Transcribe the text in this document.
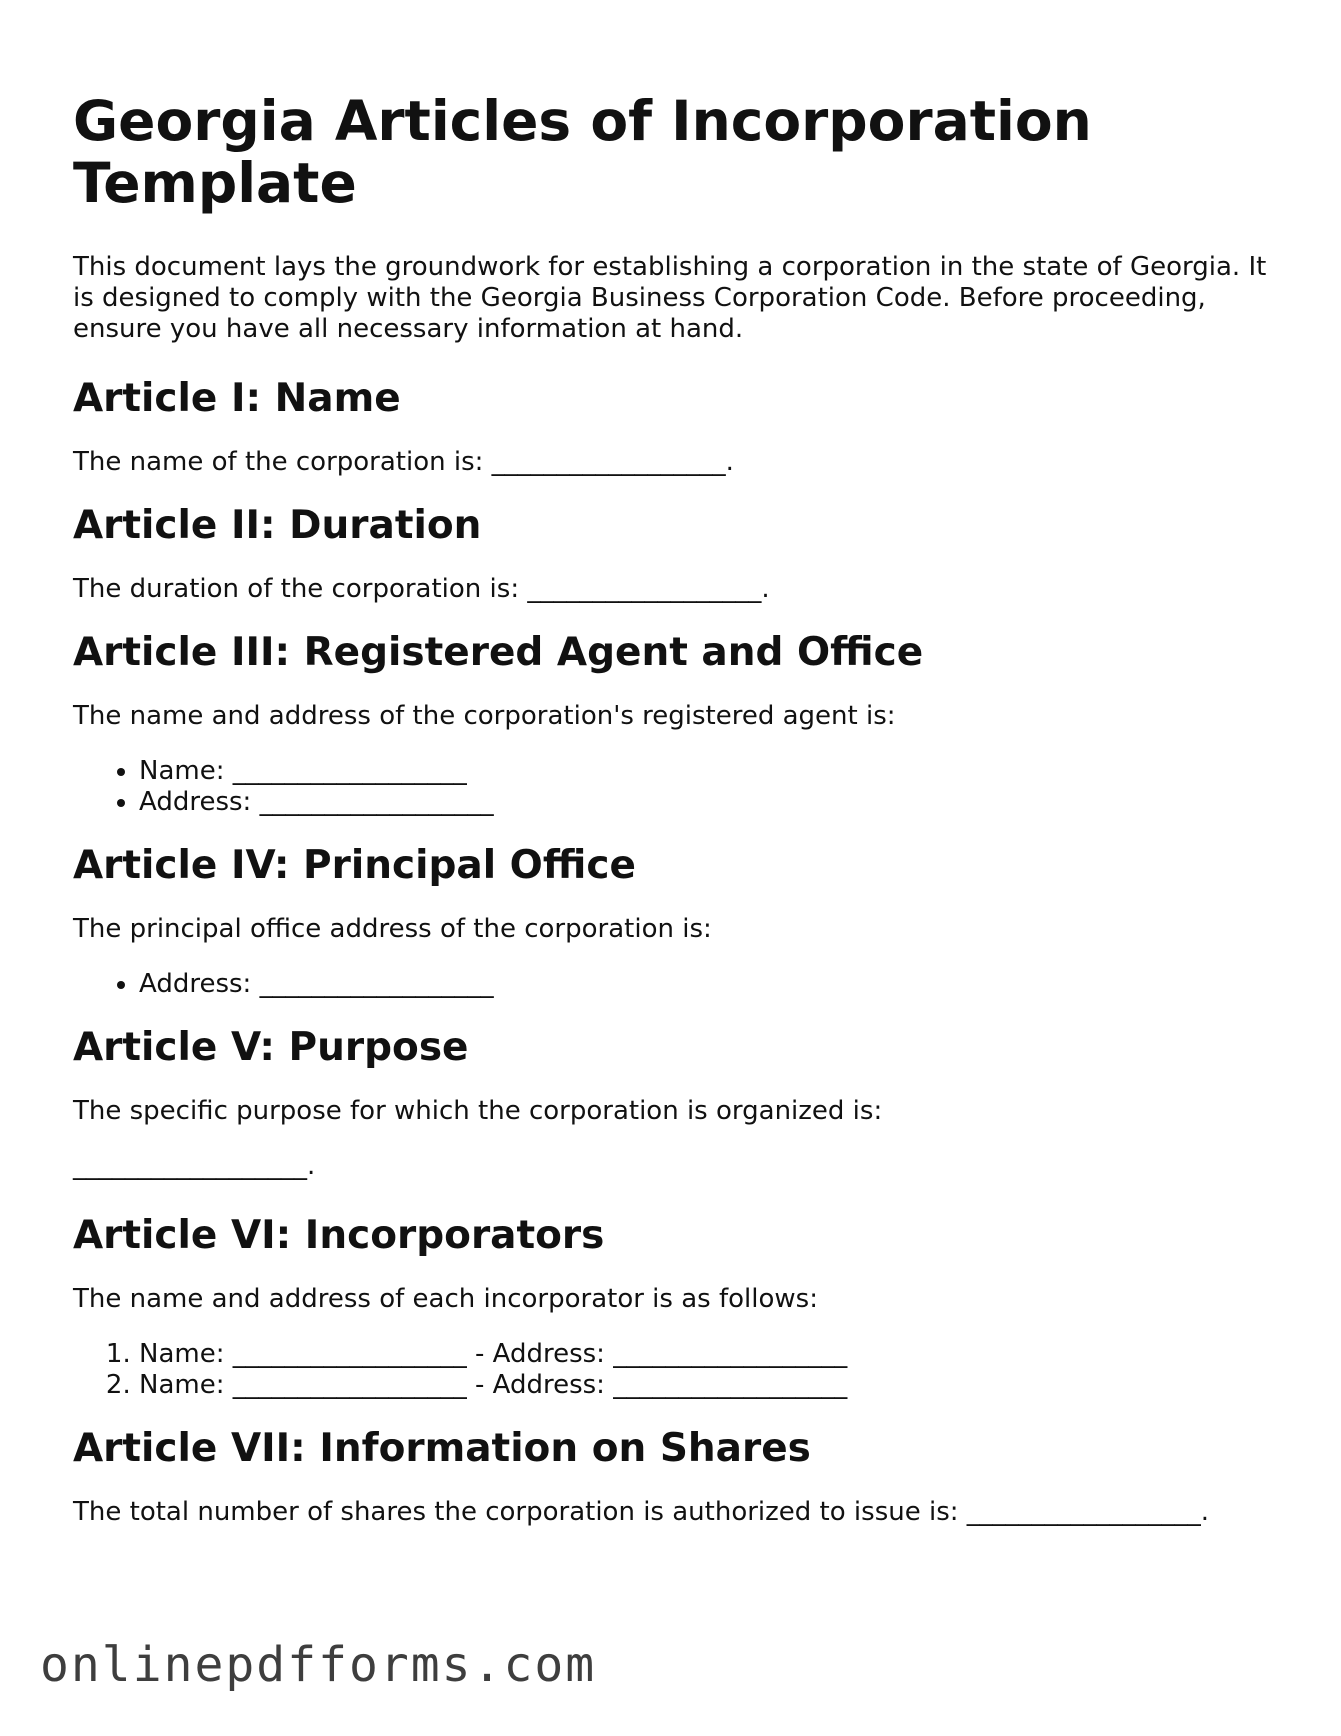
Georgia Articles of Incorporation Template

This document lays the groundwork for establishing a corporation in the state of Georgia. It is designed to comply with the Georgia Business Corporation Code. Before proceeding, ensure you have all necessary information at hand.

Article I: Name

The name of the corporation is: __________________.

Article II: Duration

The duration of the corporation is: __________________.

Article III: Registered Agent and Office

The name and address of the corporation's registered agent is:

• Name: __________________
• Address: __________________
Article IV: Principal Office

The principal office address of the corporation is:

• Address: __________________
Article V: Purpose

The specific purpose for which the corporation is organized is:

__________________.

Article VI: Incorporators

The name and address of each incorporator is as follows:

1. Name: __________________ - Address: __________________
2. Name: __________________ - Address: __________________
Article VII: Information on Shares

The total number of shares the corporation is authorized to issue is: __________________.

onlinepdfforms.com
